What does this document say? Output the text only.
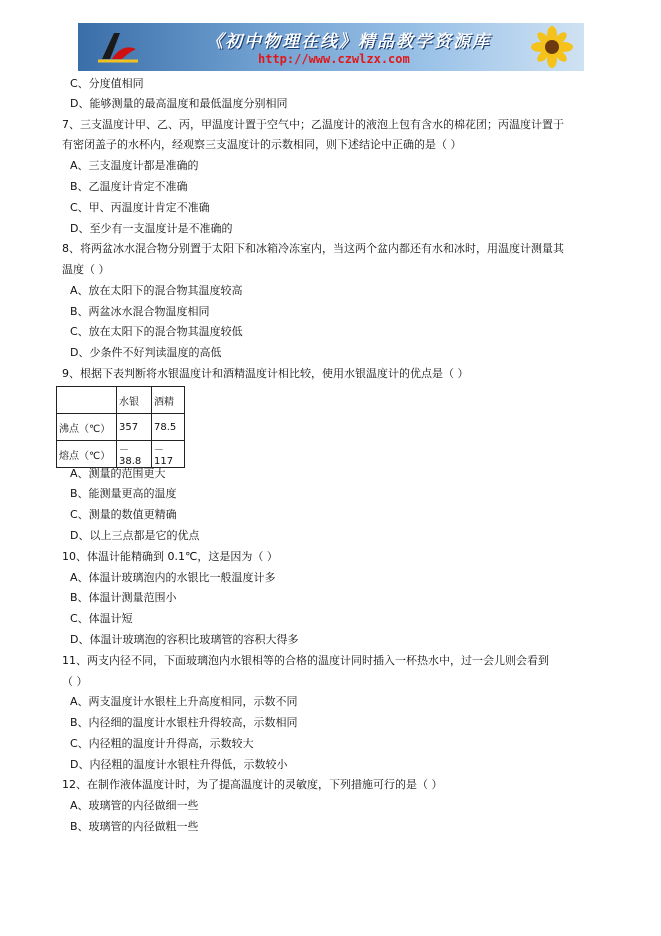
《初中物理在线》精品教学资源库
http://www.czwlzx.com
C、分度值相同
D、能够测量的最高温度和最低温度分别相同
7、三支温度计甲、乙、丙，甲温度计置于空气中；乙温度计的液泡上包有含水的棉花团；丙温度计置于
有密闭盖子的水杯内，经观察三支温度计的示数相同，则下述结论中正确的是（ ）
A、三支温度计都是准确的
B、乙温度计肯定不准确
C、甲、丙温度计肯定不准确
D、至少有一支温度计是不准确的
8、将两盆冰水混合物分别置于太阳下和冰箱冷冻室内，当这两个盆内都还有水和冰时，用温度计测量其
温度（ ）
A、放在太阳下的混合物其温度较高
B、两盆冰水混合物温度相同
C、放在太阳下的混合物其温度较低
D、少条件不好判读温度的高低
9、根据下表判断将水银温度计和酒精温度计相比较，使用水银温度计的优点是（ ）
A、测量的范围更大
B、能测量更高的温度
C、测量的数值更精确
D、以上三点都是它的优点
10、体温计能精确到 0.1℃，这是因为（ ）
A、体温计玻璃泡内的水银比一般温度计多
B、体温计测量范围小
C、体温计短
D、体温计玻璃泡的容积比玻璃管的容积大得多
11、两支内径不同，下面玻璃泡内水银相等的合格的温度计同时插入一杯热水中，过一会儿则会看到
（ ）
A、两支温度计水银柱上升高度相同，示数不同
B、内径细的温度计水银柱升得较高，示数相同
C、内径粗的温度计升得高，示数较大
D、内径粗的温度计水银柱升得低，示数较小
12、在制作液体温度计时，为了提高温度计的灵敏度，下列措施可行的是（ ）
A、玻璃管的内径做细一些
B、玻璃管的内径做粗一些
	水银	酒精
沸点（℃）	357	78.5
熔点（℃）	－38.8	－117
